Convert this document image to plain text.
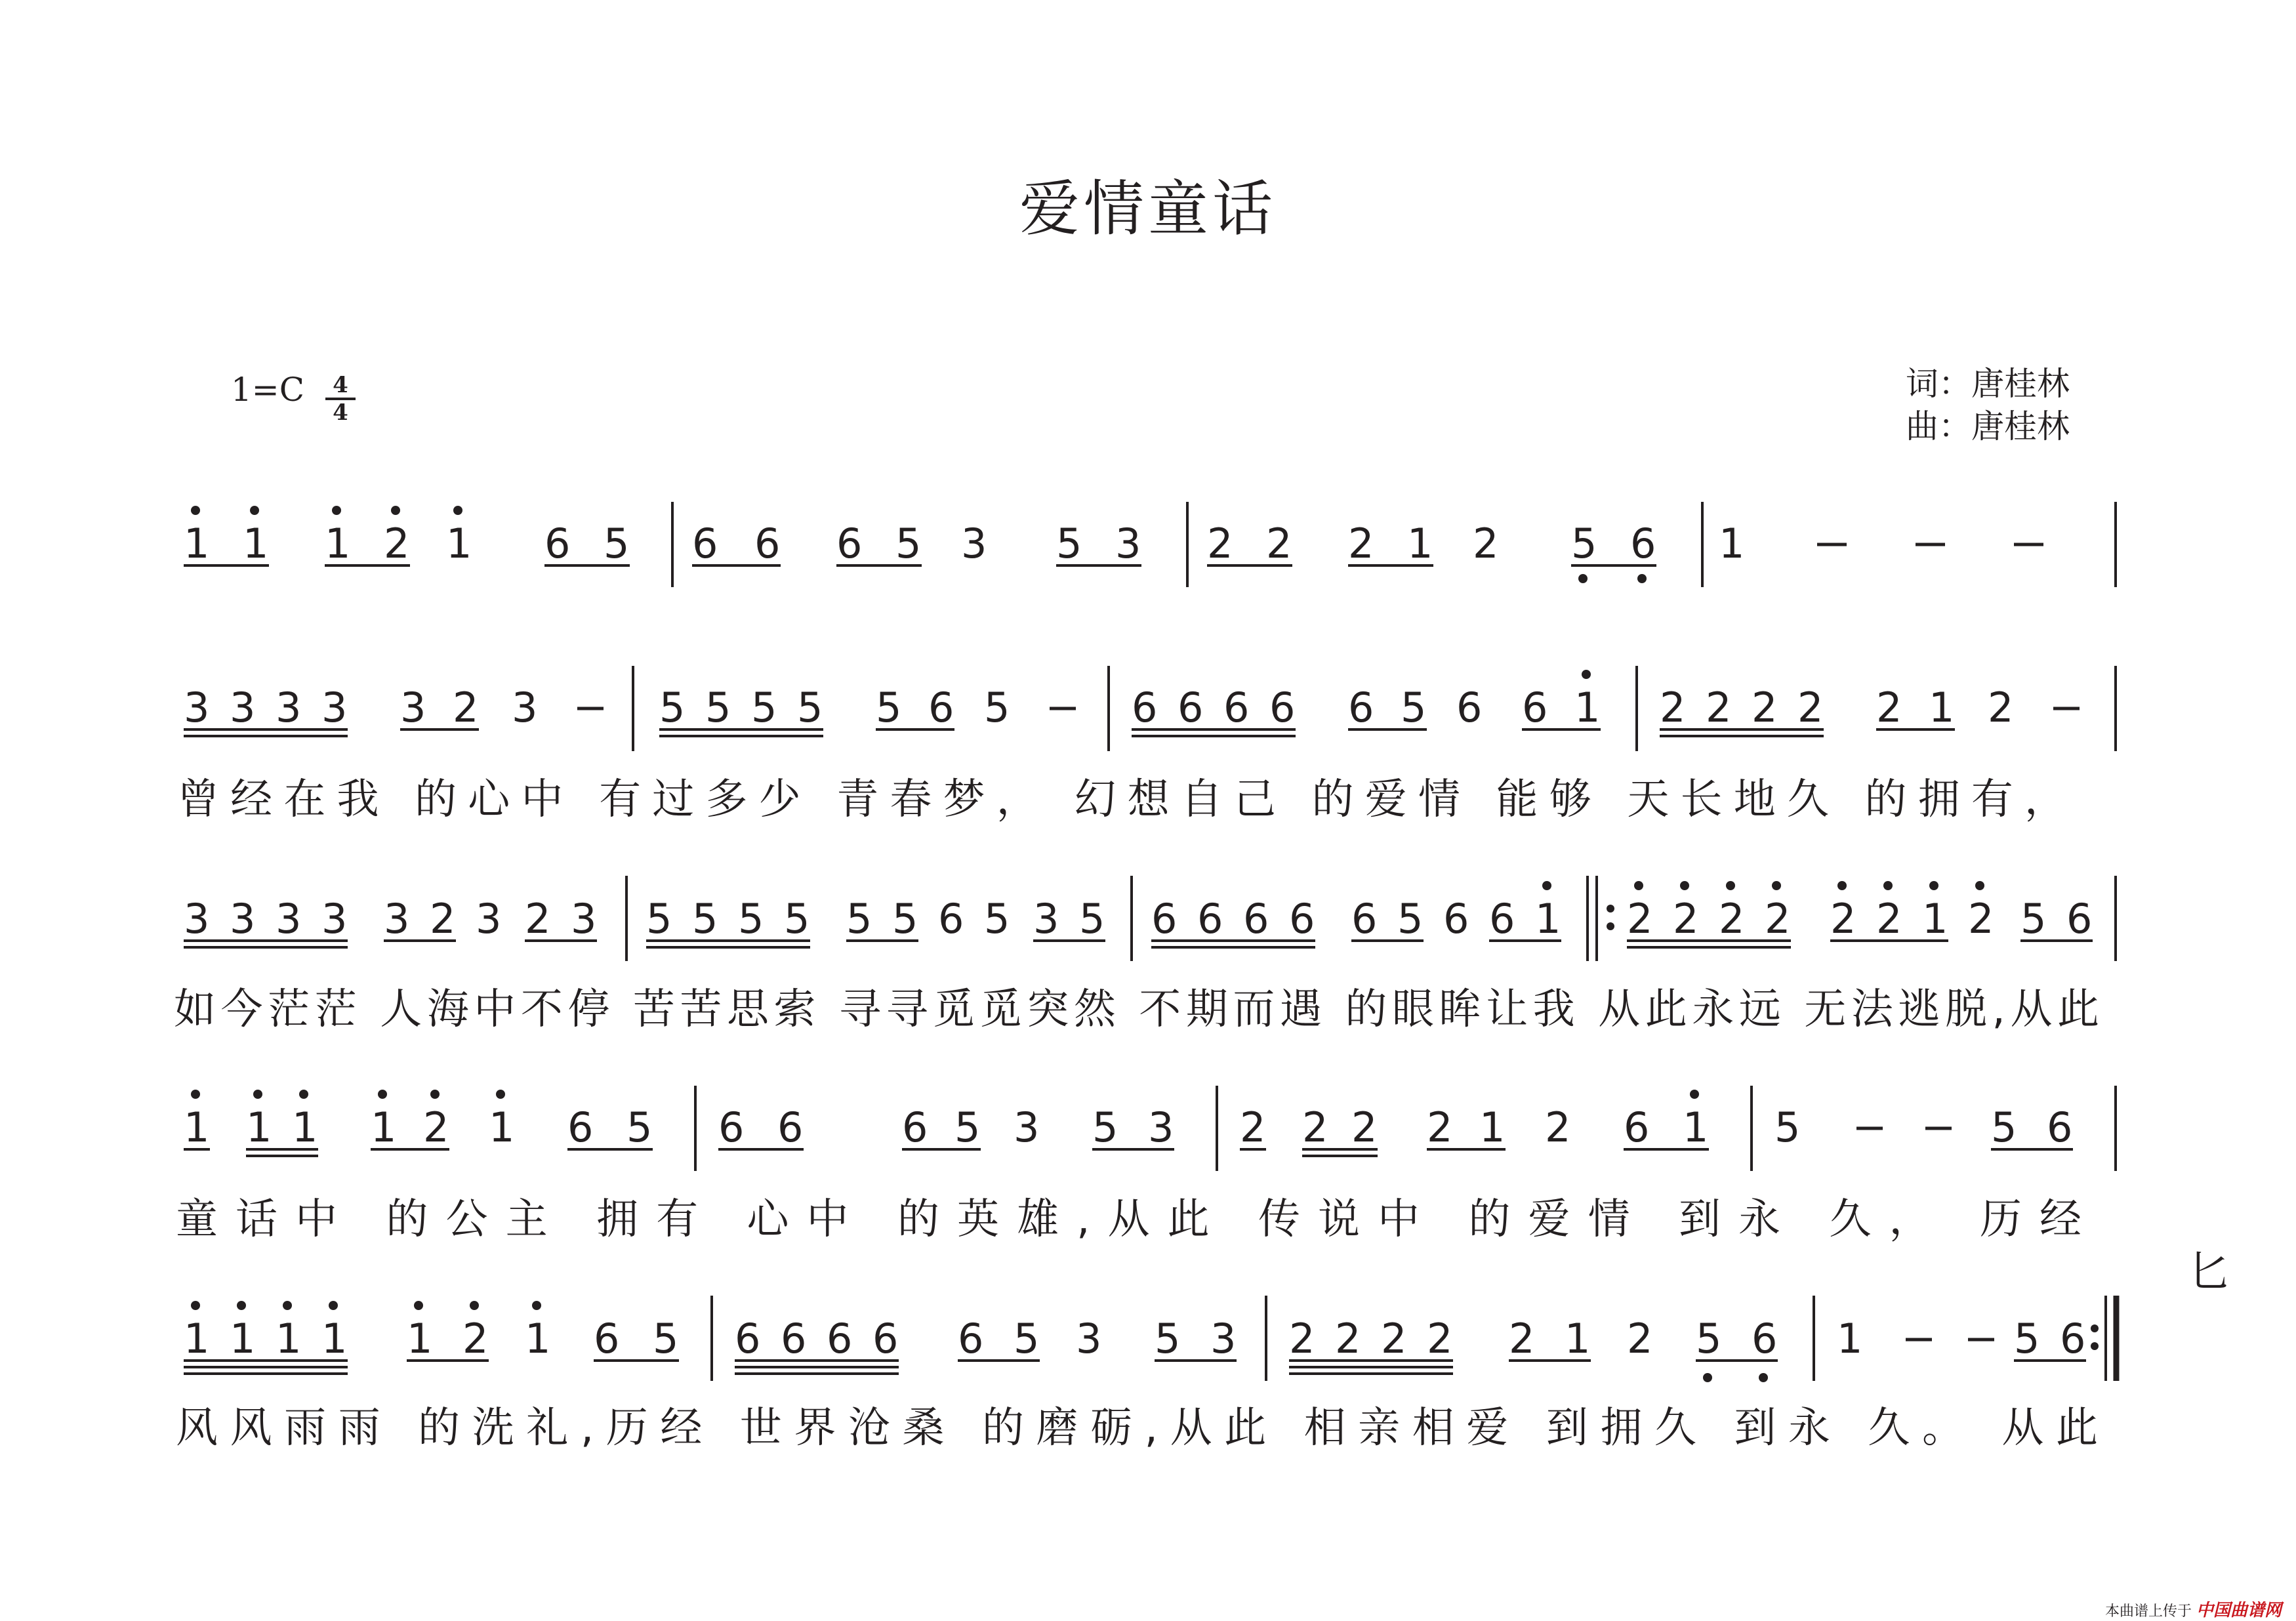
爱情童话
1=C	4
4
词：唐桂林
曲：唐桂林
1 1 1 2 1 6 5 6 6 6 5 3 5 3 2 2 2 1 2 5 6 1
3 3 3 3 3 2 3	5 5 5 5 5 6 5	6 6 6 6 6 5 6 6 1 2 2 2 2 2 1 2
曾经在我 的心中 有过多少 青春梦， 幻想自己 的爱情 能够 天长地久 的拥有，
3 3 3 3 3 2 3 2 3 5 5 5 5 5 5 6 5 3 5 6 6 6 6 6 5 6 6 1 2 2 2 2 2 2 1 2 5 6
如今茫茫 人海中不停 苦苦思索 寻寻觅觅突然 不期而遇 的眼眸让我 从此永远 无法逃脱,从此
1 1 1 1 2 1 6 5 6 6 6 5 3 5 3 2 2 2 2 1 2 6 1 5	5 6
童话中 的公主 拥有 心中 的英雄,从此 传说中 的爱情 到永 久， 历经
匕
1 1 1 1 1 2 1 6 5 6 6 6 6 6 5 3 5 3 2 2 2 2 2 1 2 5 6 1	5 6
风风雨雨 的洗礼,历经 世界沧桑 的磨砺,从此 相亲相爱 到拥久 到永 久。 从此
本曲谱上传于 中国曲谱网
